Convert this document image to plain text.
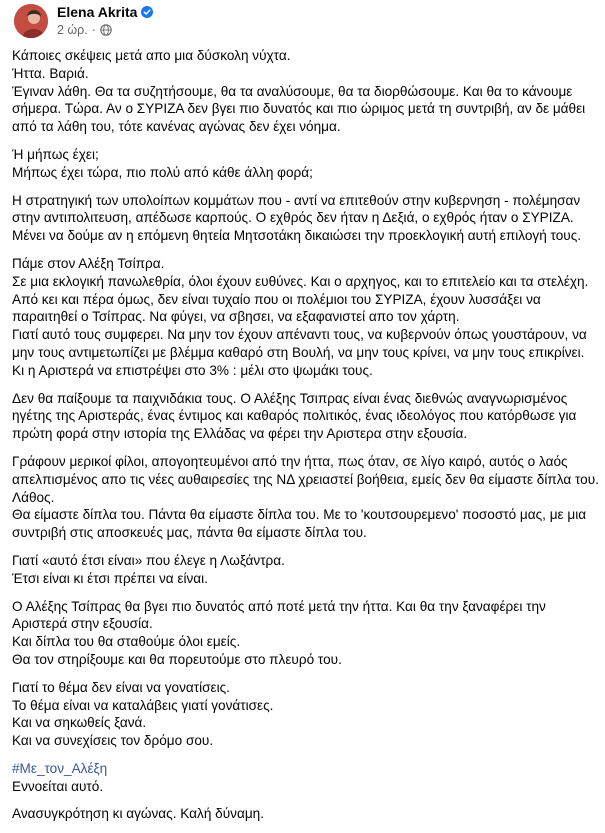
Elena Akrita
2 ώρ. ·
Κάποιες σκέψεις μετά απο μια δύσκολη νύχτα.
Ήττα. Βαριά.
Έγιναν λάθη. Θα τα συζητήσουμε, θα τα αναλύσουμε, θα τα διορθώσουμε. Και θα το κάνουμε
σήμερα. Τώρα. Αν ο ΣΥΡΙΖΑ δεν βγει πιο δυνατός και πιο ώριμος μετά τη συντριβή, αν δε μάθει
από τα λάθη του, τότε κανένας αγώνας δεν έχει νόημα.
Ή μήπως έχει;
Μήπως έχει τώρα, πιο πολύ από κάθε άλλη φορά;
Η στρατηγική των υπολοίπων κομμάτων που - αντί να επιτεθούν στην κυβερνηση - πολέμησαν
στην αντιπολιτευση, απέδωσε καρπούς. Ο εχθρός δεν ήταν η Δεξιά, ο εχθρός ήταν ο ΣΥΡΙΖΑ.
Μένει να δούμε αν η επόμενη θητεία Μητσοτάκη δικαιώσει την προεκλογική αυτή επιλογή τους.
Πάμε στον Αλέξη Τσίπρα.
Σε μια εκλογική πανωλεθρία, όλοι έχουν ευθύνες. Και ο αρχηγος, και το επιτελείο και τα στελέχη.
Από κει και πέρα όμως, δεν είναι τυχαίο που οι πολέμιοι του ΣΥΡΙΖΑ, έχουν λυσσάξει να
παραιτηθεί ο Τσίπρας. Να φύγει, να σβησει, να εξαφανιστεί απο τον χάρτη.
Γιατί αυτό τους συμφερει. Να μην τον έχουν απέναντι τους, να κυβερνούν όπως γουστάρουν, να
μην τους αντιμετωπίζει με βλέμμα καθαρό στη Βουλή, να μην τους κρίνει, να μην τους επικρίνει.
Κι η Αριστερά να επιστρέψει στο 3% : μέλι στο ψωμάκι τους.
Δεν θα παίξουμε τα παιχνιδάκια τους. Ο Αλέξης Τσιπρας είναι ένας διεθνώς αναγνωρισμένος
ηγέτης της Αριστεράς, ένας έντιμος και καθαρός πολιτικός, ένας ιδεολόγος που κατόρθωσε για
πρώτη φορά στην ιστορία της Ελλάδας να φέρει την Αριστερα στην εξουσία.
Γράφουν μερικοί φίλοι, απογοητευμένοι από την ήττα, πως όταν, σε λίγο καιρό, αυτός ο λαός
απελπισμένος απο τις νέες αυθαιρεσίες της ΝΔ χρειαστεί βοήθεια, εμείς δεν θα είμαστε δίπλα του.
Λάθος.
Θα είμαστε δίπλα του. Πάντα θα είμαστε δίπλα του. Με το 'κουτσουρεμενο' ποσοστό μας, με μια
συντριβή στις αποσκευές μας, πάντα θα είμαστε δίπλα του.
Γιατί «αυτό έτσι είναι» που έλεγε η Λωξάντρα.
Έτσι είναι κι έτσι πρέπει να είναι.
Ο Αλέξης Τσίπρας θα βγει πιο δυνατός από ποτέ μετά την ήττα. Και θα την ξαναφέρει την
Αριστερά στην εξουσία.
Και δίπλα του θα σταθούμε όλοι εμείς.
Θα τον στηρίξουμε και θα πορευτούμε στο πλευρό του.
Γιατί το θέμα δεν είναι να γονατίσεις.
Το θέμα είναι να καταλάβεις γιατί γονάτισες.
Και να σηκωθείς ξανά.
Και να συνεχίσεις τον δρόμο σου.
#Με_τον_Αλέξη
Εννοείται αυτό.
Ανασυγκρότηση κι αγώνας. Καλή δύναμη.
